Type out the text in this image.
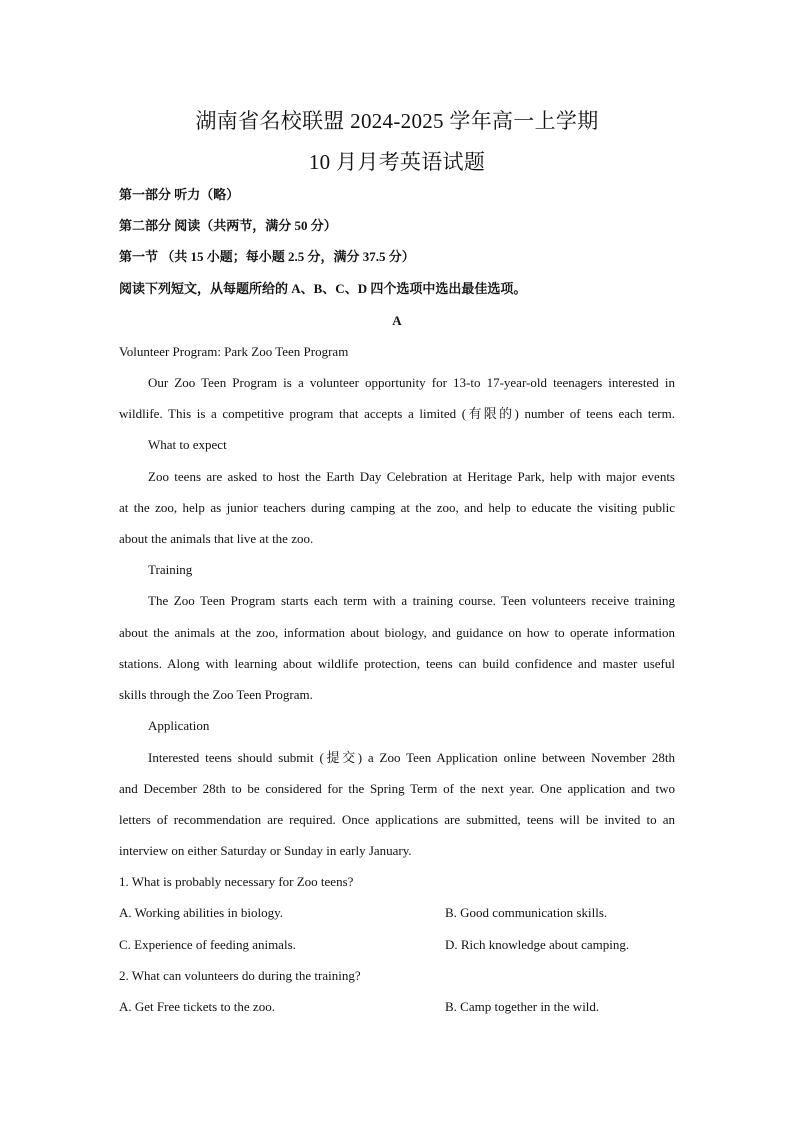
湖南省名校联盟 2024-2025 学年高一上学期
10 月月考英语试题
第一部分 听力（略）
第二部分 阅读（共两节，满分 50 分）
第一节 （共 15 小题；每小题 2.5 分，满分 37.5 分）
阅读下列短文，从每题所给的 A、B、C、D 四个选项中选出最佳选项。
A
Volunteer Program: Park Zoo Teen Program
Our Zoo Teen Program is a volunteer opportunity for 13-to 17-year-old teenagers interested in
wildlife. This is a competitive program that accepts a limited (有限的) number of teens each term.
What to expect
Zoo teens are asked to host the Earth Day Celebration at Heritage Park, help with major events
at the zoo, help as junior teachers during camping at the zoo, and help to educate the visiting public
about the animals that live at the zoo.
Training
The Zoo Teen Program starts each term with a training course. Teen volunteers receive training
about the animals at the zoo, information about biology, and guidance on how to operate information
stations. Along with learning about wildlife protection, teens can build confidence and master useful
skills through the Zoo Teen Program.
Application
Interested teens should submit (提交) a Zoo Teen Application online between November 28th
and December 28th to be considered for the Spring Term of the next year. One application and two
letters of recommendation are required. Once applications are submitted, teens will be invited to an
interview on either Saturday or Sunday in early January.
1. What is probably necessary for Zoo teens?
A. Working abilities in biology.	B. Good communication skills.
C. Experience of feeding animals.	D. Rich knowledge about camping.
2. What can volunteers do during the training?
A. Get Free tickets to the zoo.	B. Camp together in the wild.
